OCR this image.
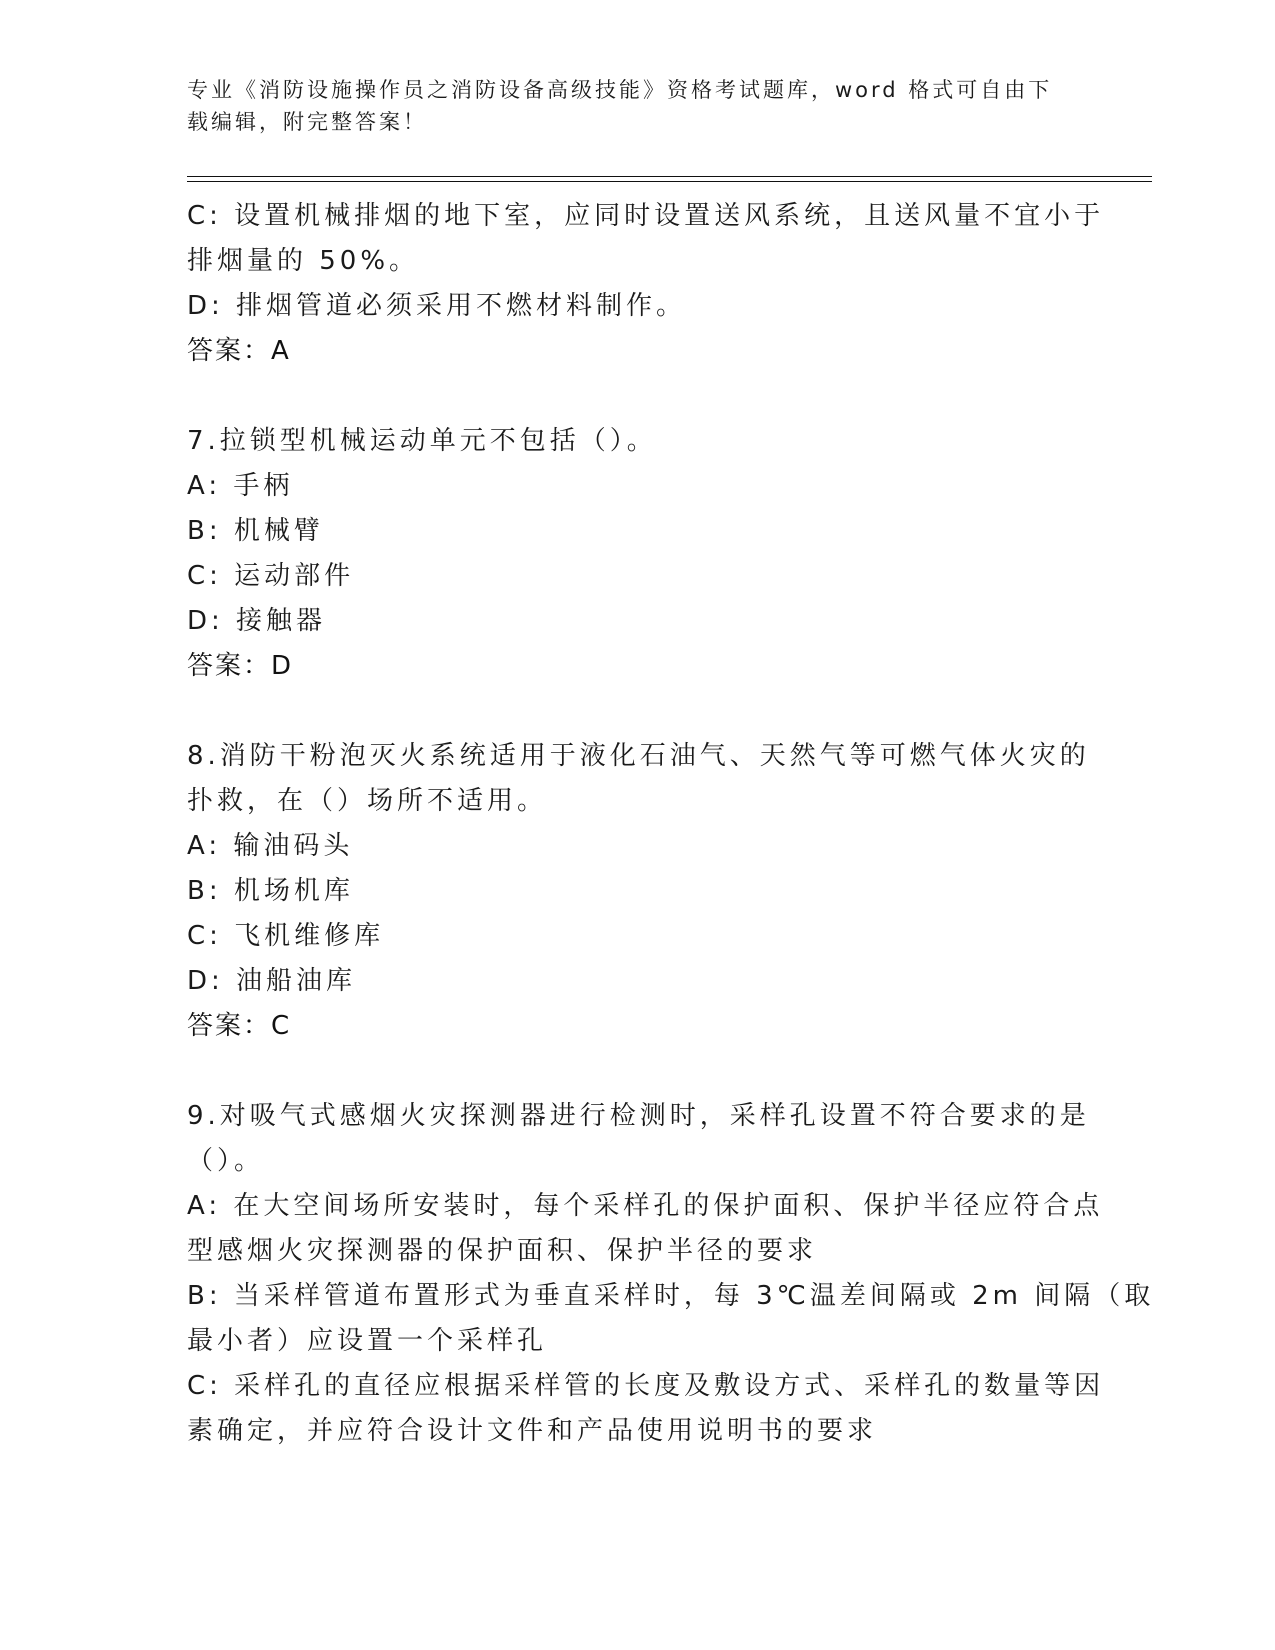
专业《消防设施操作员之消防设备高级技能》资格考试题库，word 格式可自由下
载编辑，附完整答案！
C: 设置机械排烟的地下室，应同时设置送风系统，且送风量不宜小于
排烟量的 50%。
D: 排烟管道必须采用不燃材料制作。
答案：A
7.拉锁型机械运动单元不包括（）。
A: 手柄
B: 机械臂
C: 运动部件
D: 接触器
答案：D
8.消防干粉泡灭火系统适用于液化石油气、天然气等可燃气体火灾的
扑救，在（）场所不适用。
A: 输油码头
B: 机场机库
C: 飞机维修库
D: 油船油库
答案：C
9.对吸气式感烟火灾探测器进行检测时，采样孔设置不符合要求的是
（）。
A: 在大空间场所安装时，每个采样孔的保护面积、保护半径应符合点
型感烟火灾探测器的保护面积、保护半径的要求
B: 当采样管道布置形式为垂直采样时，每 3℃温差间隔或 2m 间隔（取
最小者）应设置一个采样孔
C: 采样孔的直径应根据采样管的长度及敷设方式、采样孔的数量等因
素确定，并应符合设计文件和产品使用说明书的要求
